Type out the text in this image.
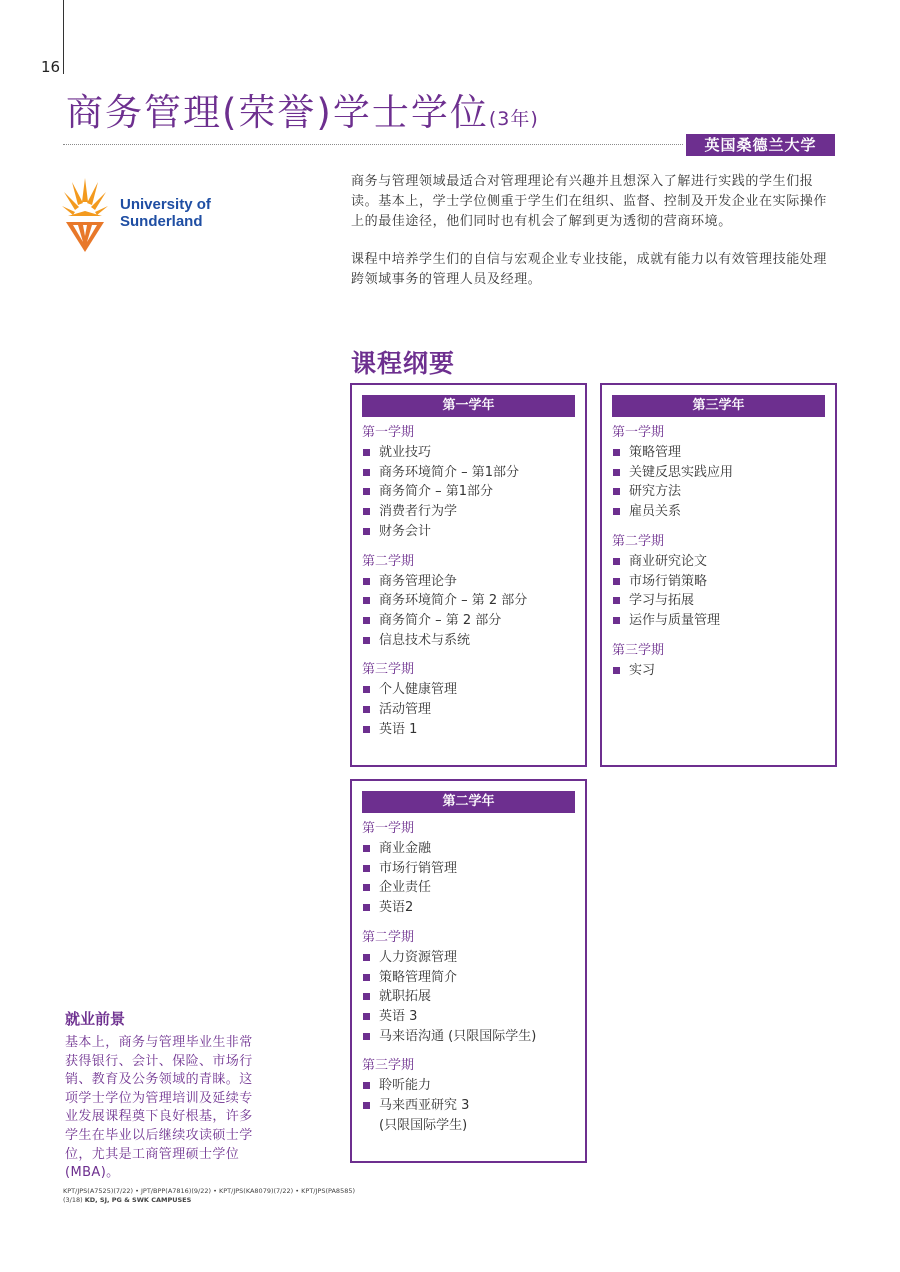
16
商务管理(荣誉)学士学位(3年)
英国桑德兰大学
University of
Sunderland

商务与管理领域最适合对管理理论有兴趣并且想深入了解进行实践的学生们报读。基本上，学士学位侧重于学生们在组织、监督、控制及开发企业在实际操作上的最佳途径，他们同时也有机会了解到更为透彻的营商环境。

课程中培养学生们的自信与宏观企业专业技能，成就有能力以有效管理技能处理跨领域事务的管理人员及经理。

课程纲要
第一学年
第一学期
就业技巧
商务环境简介 – 第1部分
商务简介 – 第1部分
消费者行为学
财务会计
第二学期
商务管理论争
商务环境简介 – 第 2 部分
商务简介 – 第 2 部分
信息技术与系统
第三学期
个人健康管理
活动管理
英语 1
第三学年
第一学期
策略管理
关键反思实践应用
研究方法
雇员关系
第二学期
商业研究论文
市场行销策略
学习与拓展
运作与质量管理
第三学期
实习
第二学年
第一学期
商业金融
市场行销管理
企业责任
英语2
第二学期
人力资源管理
策略管理简介
就职拓展
英语 3
马来语沟通 (只限国际学生)
第三学期
聆听能力
马来西亚研究 3
(只限国际学生)
就业前景

基本上，商务与管理毕业生非常获得银行、会计、保险、市场行销、教育及公务领域的青睐。这项学士学位为管理培训及延续专业发展课程奠下良好根基，许多学生在毕业以后继续攻读硕士学位，尤其是工商管理硕士学位(MBA)。

KPT/JPS(A7525)(7/22) • JPT/BPP(A7816)(9/22) • KPT/JPS(KA8079)(7/22) • KPT/JPS(PA8585)(3/18) KD, SJ, PG & SWK CAMPUSES
